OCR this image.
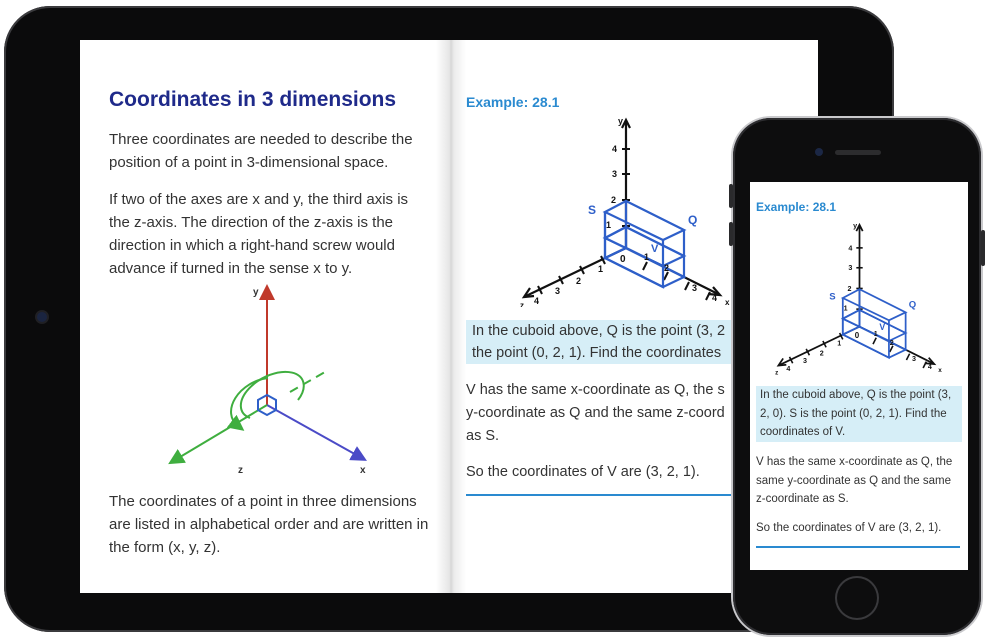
Coordinates in 3 dimensions
Three coordinates are needed to describe the position of a point in 3-dimensional space.
If two of the axes are x and y, the third axis is the z-axis. The direction of the z-axis is the direction in which a right-hand screw would advance if turned in the sense x to y.
y
z	x
The coordinates of a point in three dimensions are listed in alphabetical order and are written in the form (x, y, z).
Example: 28.1
y
1
2
3
4
0
1
2
3
4
z
1
2
3
4 x
S
Q
V
In the cuboid above, Q is the point (3, 2
the point (0, 2, 1). Find the coordinates
V has the same x-coordinate as Q, the s
y-coordinate as Q and the same z-coord
as S.
So the coordinates of V are (3, 2, 1).
Example: 28.1
y
1
2
3
4
0
1
2
3
4
z
1
2
3
4 x
S
Q
V
In the cuboid above, Q is the point (3, 2, 0). S is the point (0, 2, 1). Find the coordinates of V.
V has the same x-coordinate as Q, the same y-coordinate as Q and the same z-coordinate as S.
So the coordinates of V are (3, 2, 1).
